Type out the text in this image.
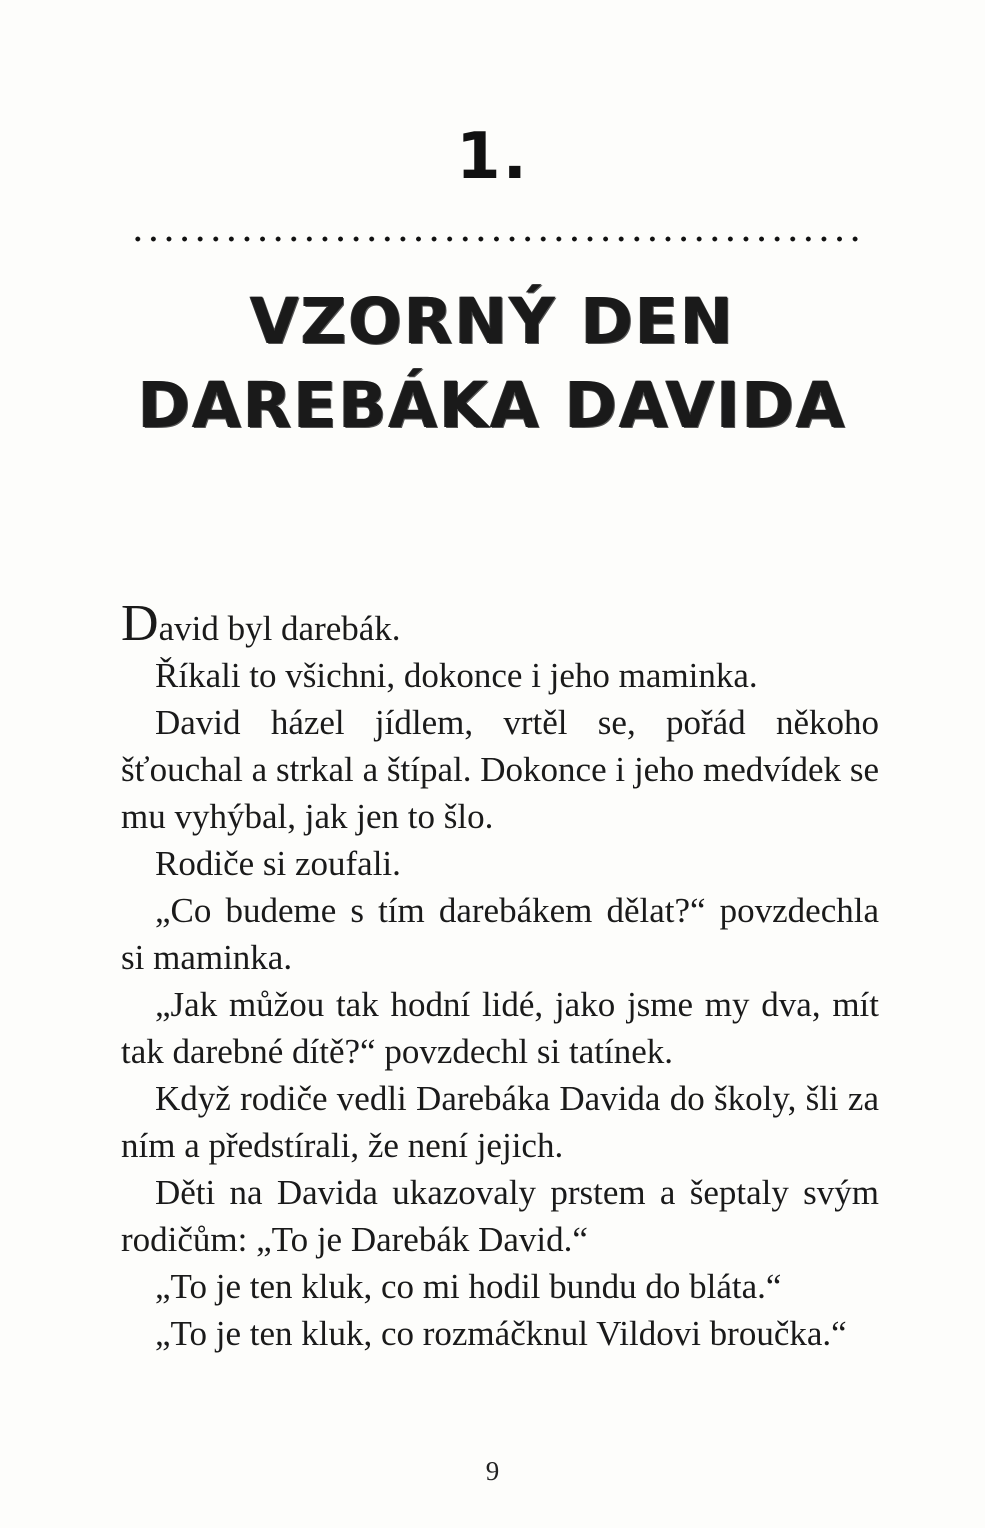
1.
VZORNÝ DEN
DAREBÁKA DAVIDA

David byl darebák.

Říkali to všichni, dokonce i jeho maminka.

David házel jídlem, vrtěl se, pořád někoho šťouchal a strkal a štípal. Dokonce i jeho medvídek se mu vyhýbal, jak jen to šlo.

Rodiče si zoufali.

„Co budeme s tím darebákem dělat?“ povzdechla si maminka.

„Jak můžou tak hodní lidé, jako jsme my dva, mít tak darebné dítě?“ povzdechl si tatínek.

Když rodiče vedli Darebáka Davida do školy, šli za ním a předstírali, že není jejich.

Děti na Davida ukazovaly prstem a šeptaly svým rodičům: „To je Darebák David.“

„To je ten kluk, co mi hodil bundu do bláta.“

„To je ten kluk, co rozmáčknul Vildovi broučka.“

9
